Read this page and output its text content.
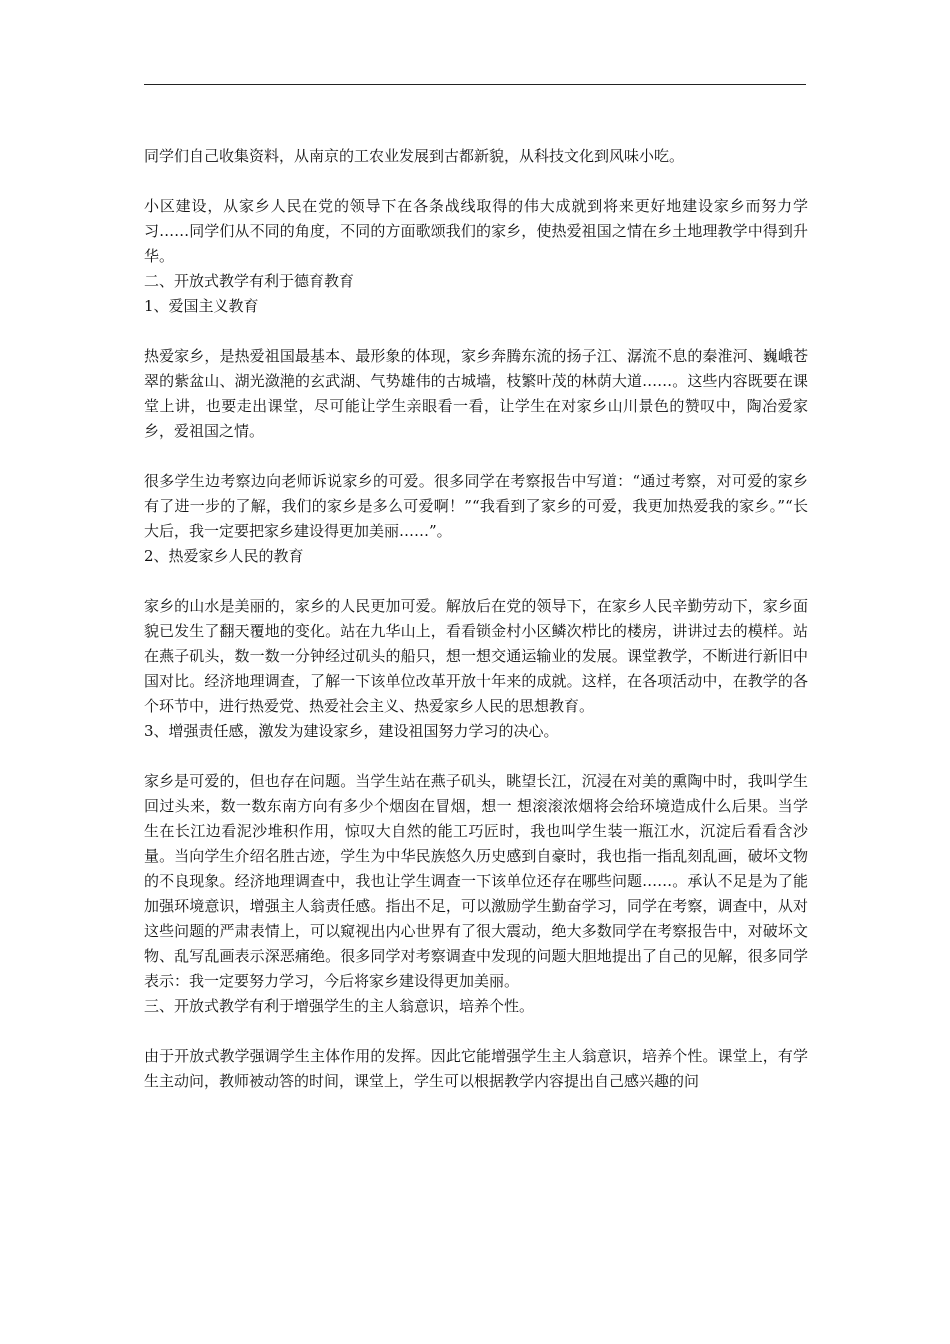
同学们自己收集资料，从南京的工农业发展到古都新貌，从科技文化到风味小吃。

小区建设，从家乡人民在党的领导下在各条战线取得的伟大成就到将来更好地建设家乡而努力学习……同学们从不同的角度，不同的方面歌颂我们的家乡，使热爱祖国之情在乡土地理教学中得到升华。

二、开放式教学有利于德育教育

1、爱国主义教育

热爱家乡，是热爱祖国最基本、最形象的体现，家乡奔腾东流的扬子江、潺流不息的秦淮河、巍峨苍翠的紫盆山、湖光潋滟的玄武湖、气势雄伟的古城墙，枝繁叶茂的林荫大道……。这些内容既要在课堂上讲，也要走出课堂，尽可能让学生亲眼看一看，让学生在对家乡山川景色的赞叹中，陶冶爱家乡，爱祖国之情。

很多学生边考察边向老师诉说家乡的可爱。很多同学在考察报告中写道：“通过考察，对可爱的家乡有了进一步的了解，我们的家乡是多么可爱啊！”“我看到了家乡的可爱，我更加热爱我的家乡。”“长大后，我一定要把家乡建设得更加美丽……”。

2、热爱家乡人民的教育

家乡的山水是美丽的，家乡的人民更加可爱。解放后在党的领导下，在家乡人民辛勤劳动下，家乡面貌已发生了翻天覆地的变化。站在九华山上，看看锁金村小区鳞次栉比的楼房，讲讲过去的模样。站在燕子矶头，数一数一分钟经过矶头的船只，想一想交通运输业的发展。课堂教学，不断进行新旧中国对比。经济地理调查，了解一下该单位改革开放十年来的成就。这样，在各项活动中，在教学的各个环节中，进行热爱党、热爱社会主义、热爱家乡人民的思想教育。

3、增强责任感，激发为建设家乡，建设祖国努力学习的决心。

家乡是可爱的，但也存在问题。当学生站在燕子矶头，眺望长江，沉浸在对美的熏陶中时，我叫学生回过头来，数一数东南方向有多少个烟囱在冒烟，想一 想滚滚浓烟将会给环境造成什么后果。当学生在长江边看泥沙堆积作用，惊叹大自然的能工巧匠时，我也叫学生装一瓶江水，沉淀后看看含沙量。当向学生介绍名胜古迹，学生为中华民族悠久历史感到自豪时，我也指一指乱刻乱画，破坏文物的不良现象。经济地理调查中，我也让学生调查一下该单位还存在哪些问题……。承认不足是为了能加强环境意识，增强主人翁责任感。指出不足，可以激励学生勤奋学习，同学在考察，调查中，从对这些问题的严肃表情上，可以窥视出内心世界有了很大震动，绝大多数同学在考察报告中，对破坏文物、乱写乱画表示深恶痛绝。很多同学对考察调查中发现的问题大胆地提出了自己的见解，很多同学表示：我一定要努力学习，今后将家乡建设得更加美丽。

三、开放式教学有利于增强学生的主人翁意识，培养个性。

由于开放式教学强调学生主体作用的发挥。因此它能增强学生主人翁意识，培养个性。课堂上，有学生主动问，教师被动答的时间，课堂上，学生可以根据教学内容提出自己感兴趣的问
